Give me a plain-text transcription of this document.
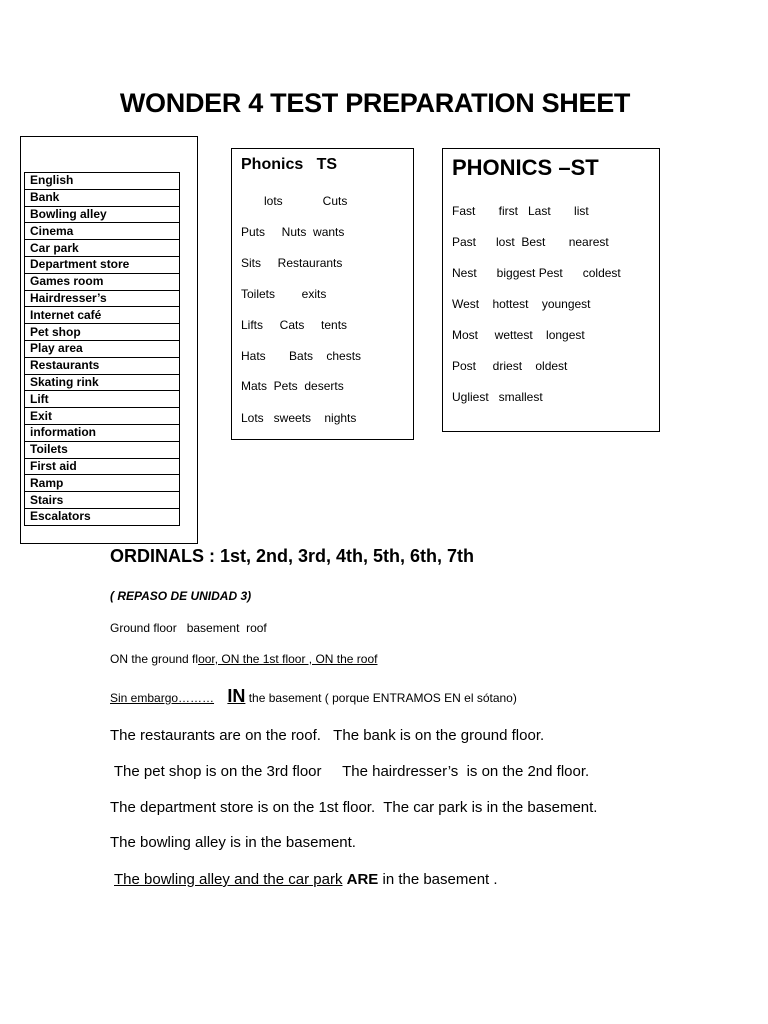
WONDER 4 TEST PREPARATION SHEET
English
Bank
Bowling alley
Cinema
Car park
Department store
Games room
Hairdresser’s
Internet café
Pet shop
Play area
Restaurants
Skating rink
Lift
Exit
information
Toilets
First aid
Ramp
Stairs
Escalators
Phonics   TS
lots            Cuts
Puts     Nuts  wants
Sits     Restaurants
Toilets        exits
Lifts     Cats     tents
Hats       Bats    chests
Mats  Pets  deserts
Lots   sweets    nights
PHONICS –ST
Fast       first   Last       list
Past      lost  Best       nearest
Nest      biggest Pest      coldest
West    hottest    youngest
Most     wettest    longest
Post     driest    oldest
Ugliest   smallest
ORDINALS : 1st, 2nd, 3rd, 4th, 5th, 6th, 7th
( REPASO DE UNIDAD 3)
Ground floor   basement  roof
ON the ground floor, ON the 1st floor , ON the roof
Sin embargo……… IN the basement ( porque ENTRAMOS EN el sótano)
The restaurants are on the roof.   The bank is on the ground floor.
The pet shop is on the 3rd floor     The hairdresser’s  is on the 2nd floor.
The department store is on the 1st floor.  The car park is in the basement.
The bowling alley is in the basement.
The bowling alley and the car park ARE in the basement .
